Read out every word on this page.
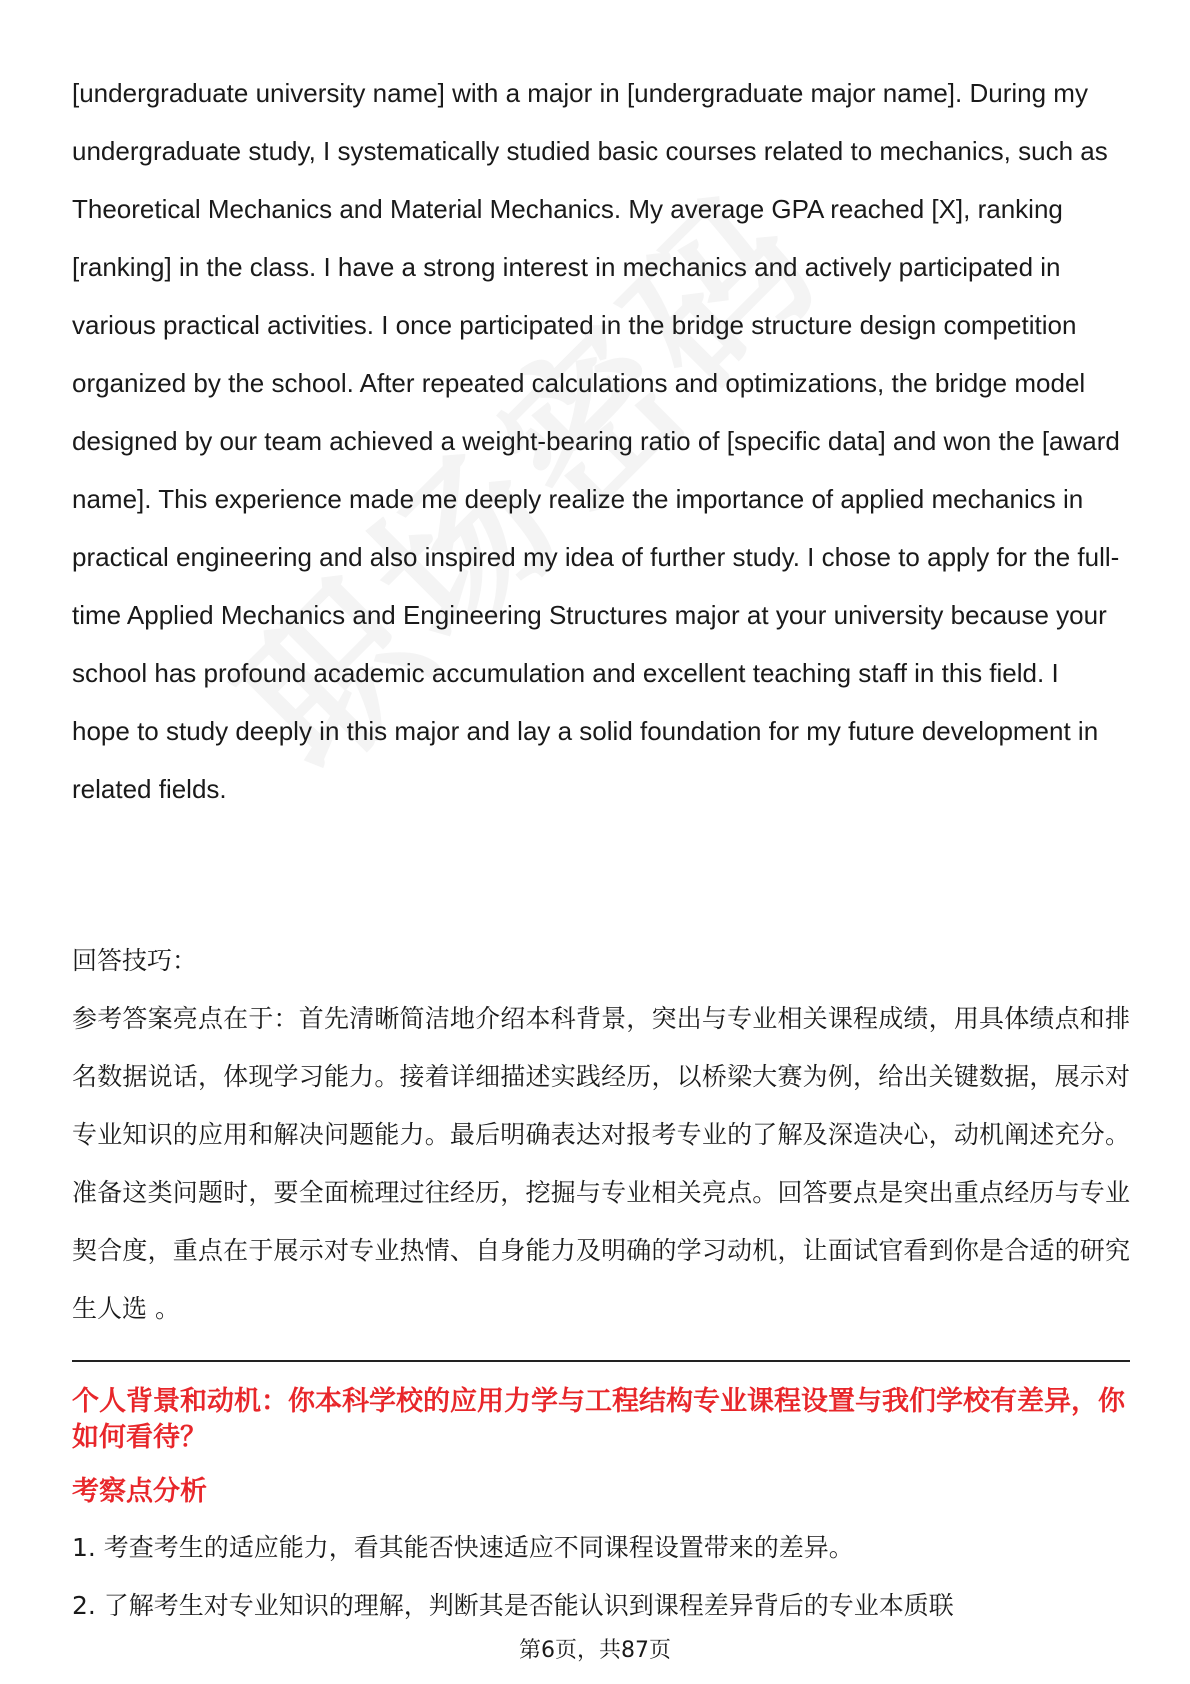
[undergraduate university name] with a major in [undergraduate major name]. During my undergraduate study, I systematically studied basic courses related to mechanics, such as Theoretical Mechanics and Material Mechanics. My average GPA reached [X], ranking [ranking] in the class. I have a strong interest in mechanics and actively participated in various practical activities. I once participated in the bridge structure design competition organized by the school. After repeated calculations and optimizations, the bridge model designed by our team achieved a weight-bearing ratio of [specific data] and won the [award name]. This experience made me deeply realize the importance of applied mechanics in practical engineering and also inspired my idea of further study. I chose to apply for the full-time Applied Mechanics and Engineering Structures major at your university because your school has profound academic accumulation and excellent teaching staff in this field. I hope to study deeply in this major and lay a solid foundation for my future development in related fields.

回答技巧：

参考答案亮点在于：首先清晰简洁地介绍本科背景，突出与专业相关课程成绩，用具体绩点和排名数据说话，体现学习能力。接着详细描述实践经历，以桥梁大赛为例，给出关键数据，展示对专业知识的应用和解决问题能力。最后明确表达对报考专业的了解及深造决心，动机阐述充分。准备这类问题时，要全面梳理过往经历，挖掘与专业相关亮点。回答要点是突出重点经历与专业契合度，重点在于展示对专业热情、自身能力及明确的学习动机，让面试官看到你是合适的研究生人选 。

个人背景和动机：你本科学校的应用力学与工程结构专业课程设置与我们学校有差异，你如何看待？

考察点分析

1. 考查考生的适应能力，看其能否快速适应不同课程设置带来的差异。

2. 了解考生对专业知识的理解，判断其是否能认识到课程差异背后的专业本质联

第6页，共87页
